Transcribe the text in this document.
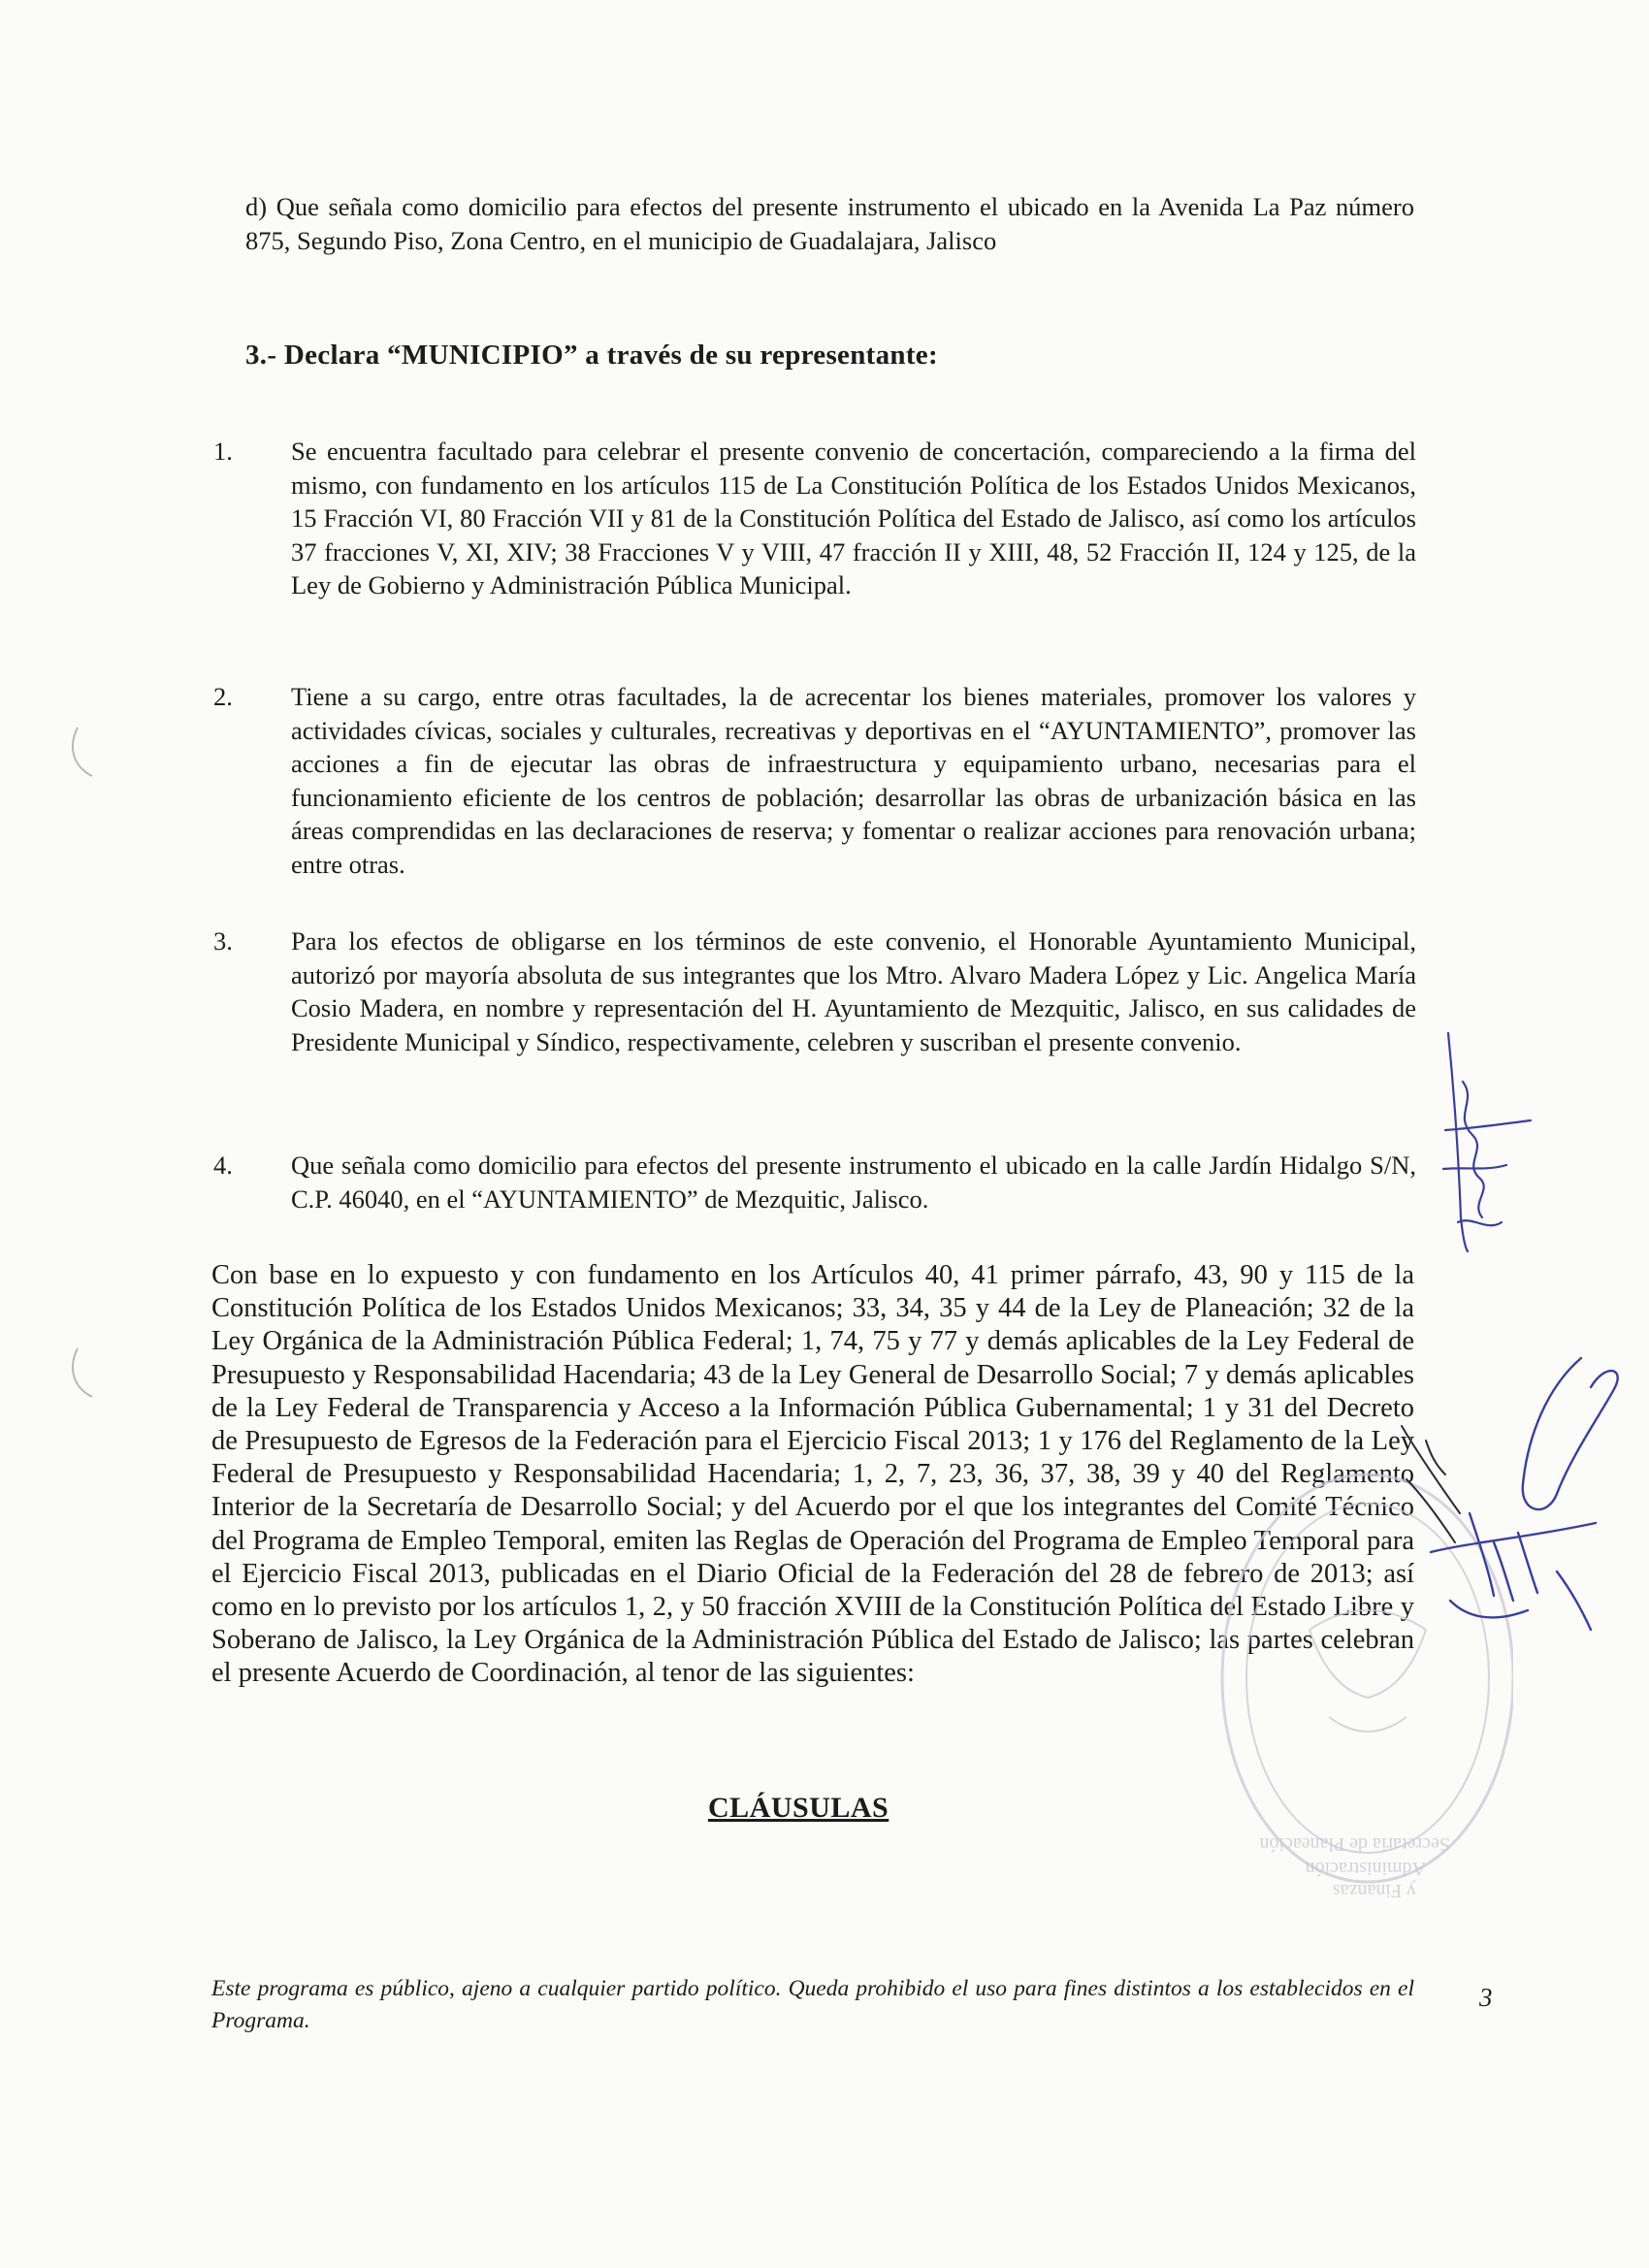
d) Que señala como domicilio para efectos del presente instrumento el ubicado en la Avenida La Paz número 875, Segundo Piso, Zona Centro, en el municipio de Guadalajara, Jalisco

3.- Declara “MUNICIPIO” a través de su representante:
1.	Se encuentra facultado para celebrar el presente convenio de concertación, compareciendo a la firma del mismo, con fundamento en los artículos 115 de La Constitución Política de los Estados Unidos Mexicanos, 15 Fracción VI, 80 Fracción VII y 81 de la Constitución Política del Estado de Jalisco, así como los artículos 37 fracciones V, XI, XIV; 38 Fracciones V y VIII, 47 fracción II y XIII, 48, 52 Fracción II, 124 y 125, de la Ley de Gobierno y Administración Pública Municipal.

2.	Tiene a su cargo, entre otras facultades, la de acrecentar los bienes materiales, promover los valores y actividades cívicas, sociales y culturales, recreativas y deportivas en el “AYUNTAMIENTO”, promover las acciones a fin de ejecutar las obras de infraestructura y equipamiento urbano, necesarias para el funcionamiento eficiente de los centros de población; desarrollar las obras de urbanización básica en las áreas comprendidas en las declaraciones de reserva; y fomentar o realizar acciones para renovación urbana; entre otras.

3.	Para los efectos de obligarse en los términos de este convenio, el Honorable Ayuntamiento Municipal, autorizó por mayoría absoluta de sus integrantes que los Mtro. Alvaro Madera López y Lic. Angelica María Cosio Madera, en nombre y representación del H. Ayuntamiento de Mezquitic, Jalisco, en sus calidades de Presidente Municipal y Síndico, respectivamente, celebren y suscriban el presente convenio.

4.	Que señala como domicilio para efectos del presente instrumento el ubicado en la calle Jardín Hidalgo S/N, C.P. 46040, en el “AYUNTAMIENTO” de Mezquitic, Jalisco.

Con base en lo expuesto y con fundamento en los Artículos 40, 41 primer párrafo, 43, 90 y 115 de la Constitución Política de los Estados Unidos Mexicanos; 33, 34, 35 y 44 de la Ley de Planeación; 32 de la Ley Orgánica de la Administración Pública Federal; 1, 74, 75 y 77 y demás aplicables de la Ley Federal de Presupuesto y Responsabilidad Hacendaria; 43 de la Ley General de Desarrollo Social; 7 y demás aplicables de la Ley Federal de Transparencia y Acceso a la Información Pública Gubernamental; 1 y 31 del Decreto de Presupuesto de Egresos de la Federación para el Ejercicio Fiscal 2013; 1 y 176 del Reglamento de la Ley Federal de Presupuesto y Responsabilidad Hacendaria; 1, 2, 7, 23, 36, 37, 38, 39 y 40 del Reglamento Interior de la Secretaría de Desarrollo Social; y del Acuerdo por el que los integrantes del Comité Técnico del Programa de Empleo Temporal, emiten las Reglas de Operación del Programa de Empleo Temporal para el Ejercicio Fiscal 2013, publicadas en el Diario Oficial de la Federación del 28 de febrero de 2013; así como en lo previsto por los artículos 1, 2, y 50 fracción XVIII de la Constitución Política del Estado Libre y Soberano de Jalisco, la Ley Orgánica de la Administración Pública del Estado de Jalisco; las partes celebran el presente Acuerdo de Coordinación, al tenor de las siguientes:

CLÁUSULAS
Secretaría de Planeación
Administración
y Finanzas

Este programa es público, ajeno a cualquier partido político. Queda prohibido el uso para fines distintos a los establecidos en el Programa.

3
